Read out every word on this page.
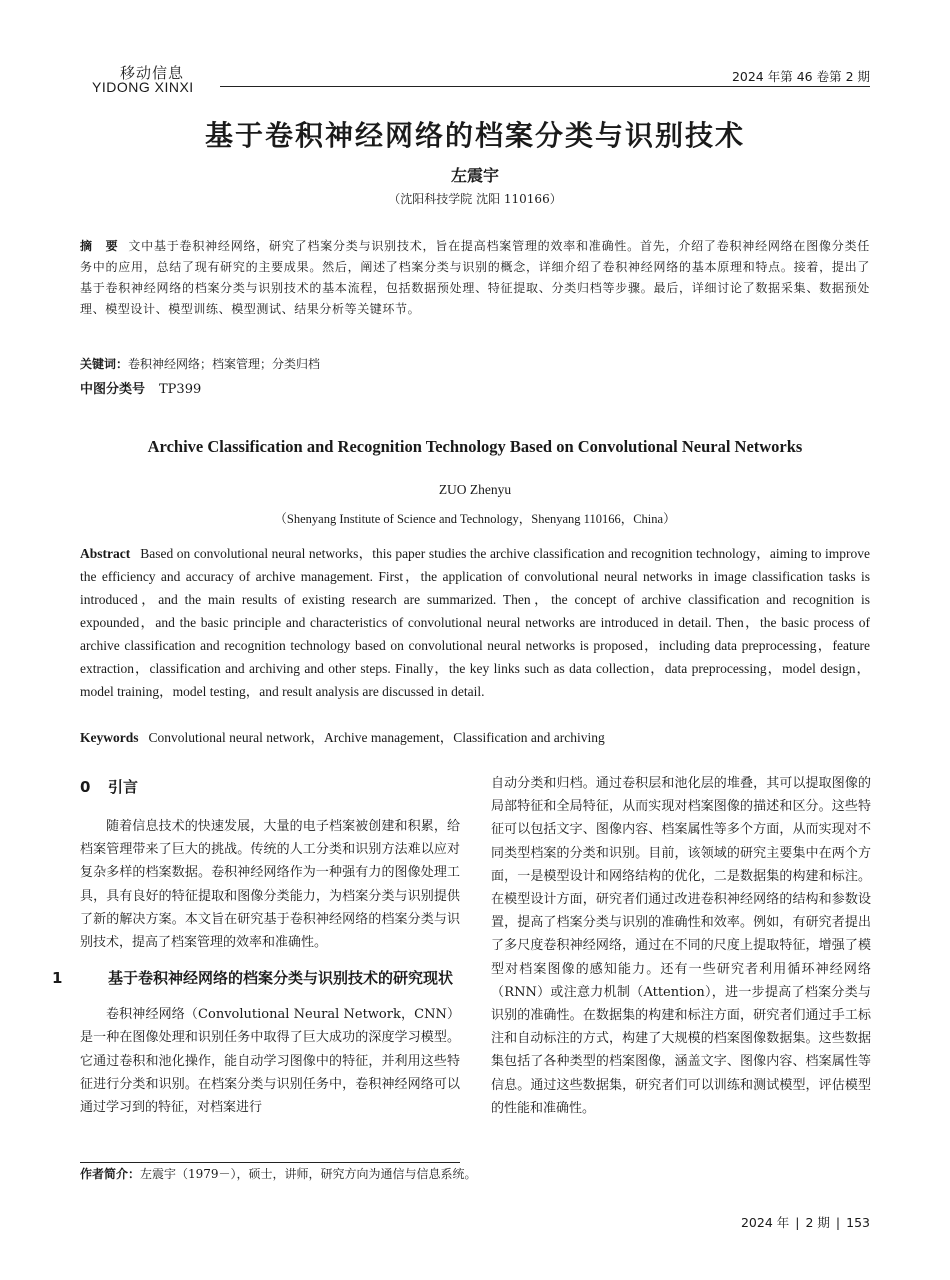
移动信息
YIDONG XINXI
2024 年第 46 卷第 2 期
基于卷积神经网络的档案分类与识别技术
左震宇
（沈阳科技学院 沈阳 110166）
摘　要 文中基于卷积神经网络，研究了档案分类与识别技术，旨在提高档案管理的效率和准确性。首先，介绍了卷积神经网络在图像分类任务中的应用，总结了现有研究的主要成果。然后，阐述了档案分类与识别的概念，详细介绍了卷积神经网络的基本原理和特点。接着，提出了基于卷积神经网络的档案分类与识别技术的基本流程，包括数据预处理、特征提取、分类归档等步骤。最后，详细讨论了数据采集、数据预处理、模型设计、模型训练、模型测试、结果分析等关键环节。
关键词：卷积神经网络；档案管理；分类归档
中图分类号 TP399
Archive Classification and Recognition Technology Based on Convolutional Neural Networks
ZUO Zhenyu
（Shenyang Institute of Science and Technology，Shenyang 110166，China）
Abstract Based on convolutional neural networks，this paper studies the archive classification and recognition technology，aiming to improve the efficiency and accuracy of archive management. First，the application of convolutional neural networks in image classification tasks is introduced，and the main results of existing research are summarized. Then，the concept of archive classification and recognition is expounded，and the basic principle and characteristics of convolutional neural networks are introduced in detail. Then，the basic process of archive classification and recognition technology based on convolutional neural networks is proposed，including data preprocessing，feature extraction，classification and archiving and other steps. Finally，the key links such as data collection，data preprocessing，model design，model training，model testing，and result analysis are discussed in detail.
Keywords Convolutional neural network，Archive management，Classification and archiving
0 引言

随着信息技术的快速发展，大量的电子档案被创建和积累，给档案管理带来了巨大的挑战。传统的人工分类和识别方法难以应对复杂多样的档案数据。卷积神经网络作为一种强有力的图像处理工具，具有良好的特征提取和图像分类能力，为档案分类与识别提供了新的解决方案。本文旨在研究基于卷积神经网络的档案分类与识别技术，提高了档案管理的效率和准确性。

1	基于卷积神经网络的档案分类与识别技术的研究现状

卷积神经网络（Convolutional Neural Network，CNN）是一种在图像处理和识别任务中取得了巨大成功的深度学习模型。它通过卷积和池化操作，能自动学习图像中的特征，并利用这些特征进行分类和识别。在档案分类与识别任务中，卷积神经网络可以通过学习到的特征，对档案进行

自动分类和归档。通过卷积层和池化层的堆叠，其可以提取图像的局部特征和全局特征，从而实现对档案图像的描述和区分。这些特征可以包括文字、图像内容、档案属性等多个方面，从而实现对不同类型档案的分类和识别。目前，该领域的研究主要集中在两个方面，一是模型设计和网络结构的优化，二是数据集的构建和标注。在模型设计方面，研究者们通过改进卷积神经网络的结构和参数设置，提高了档案分类与识别的准确性和效率。例如，有研究者提出了多尺度卷积神经网络，通过在不同的尺度上提取特征，增强了模型对档案图像的感知能力。还有一些研究者利用循环神经网络（RNN）或注意力机制（Attention），进一步提高了档案分类与识别的准确性。在数据集的构建和标注方面，研究者们通过手工标注和自动标注的方式，构建了大规模的档案图像数据集。这些数据集包括了各种类型的档案图像，涵盖文字、图像内容、档案属性等信息。通过这些数据集，研究者们可以训练和测试模型，评估模型的性能和准确性。

作者简介：左震宇（1979－），硕士，讲师，研究方向为通信与信息系统。
2024 年 | 2 期 | 153
